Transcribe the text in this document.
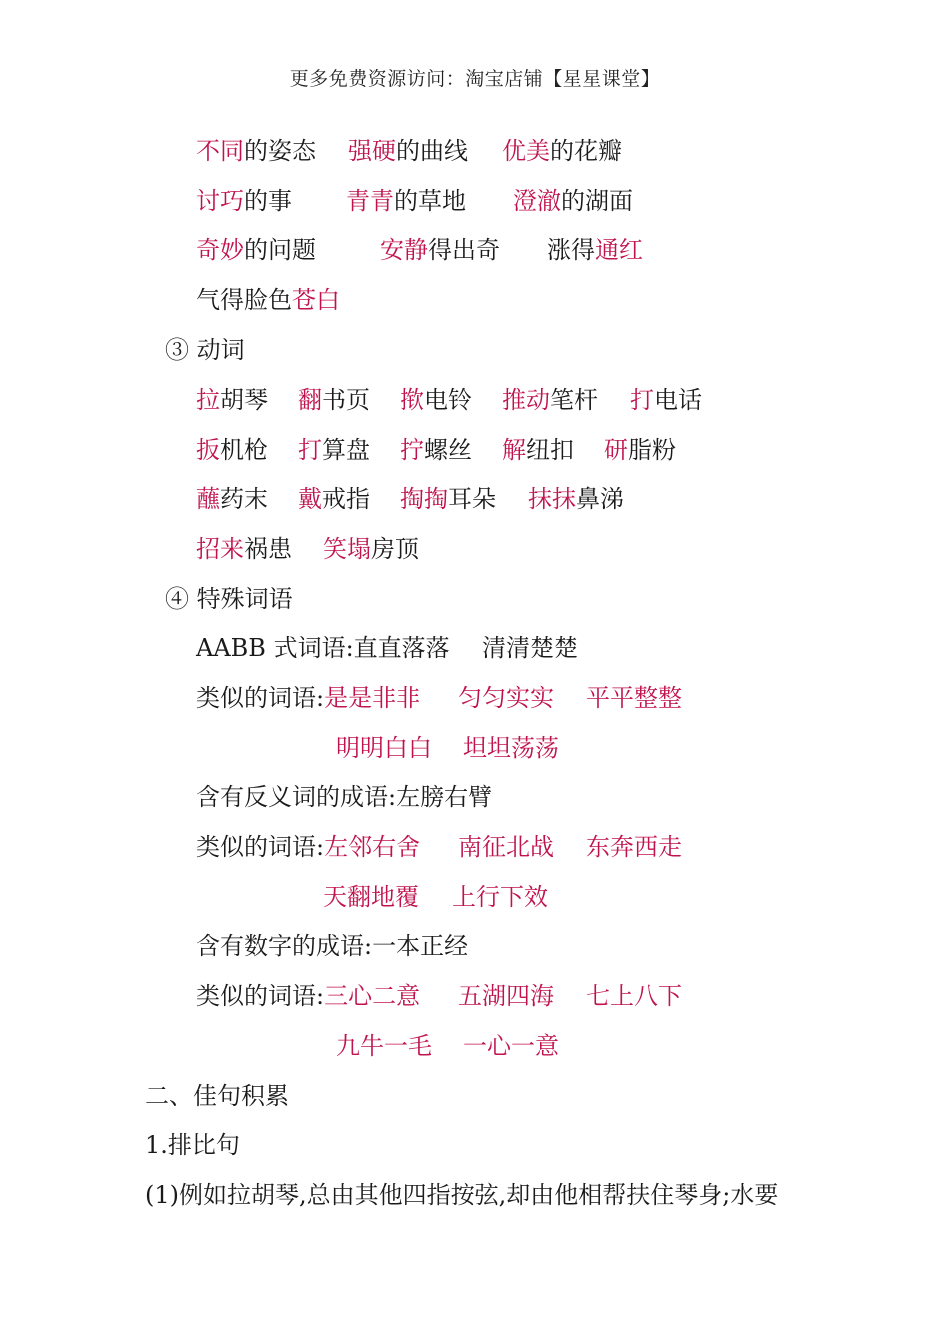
更多免费资源访问：淘宝店铺【星星课堂】
不同的姿态 强硬的曲线 优美的花瓣
讨巧的事 青青的草地 澄澈的湖面
奇妙的问题	安静得出奇 涨得通红
气得脸色苍白
③ 动词
拉胡琴 翻书页 揿电铃 推动笔杆 打电话
扳机枪 打算盘 拧螺丝 解纽扣 研脂粉
蘸药末 戴戒指 掏掏耳朵 抹抹鼻涕
招来祸患 笑塌房顶
④ 特殊词语
AABB 式词语:直直落落 清清楚楚
类似的词语:是是非非 匀匀实实 平平整整
明明白白 坦坦荡荡
含有反义词的成语:左膀右臂
类似的词语:左邻右舍 南征北战 东奔西走
天翻地覆 上行下效
含有数字的成语:一本正经
类似的词语:三心二意 五湖四海 七上八下
九牛一毛 一心一意
二、佳句积累
1.排比句
(1)例如拉胡琴,总由其他四指按弦,却由他相帮扶住琴身;水要
